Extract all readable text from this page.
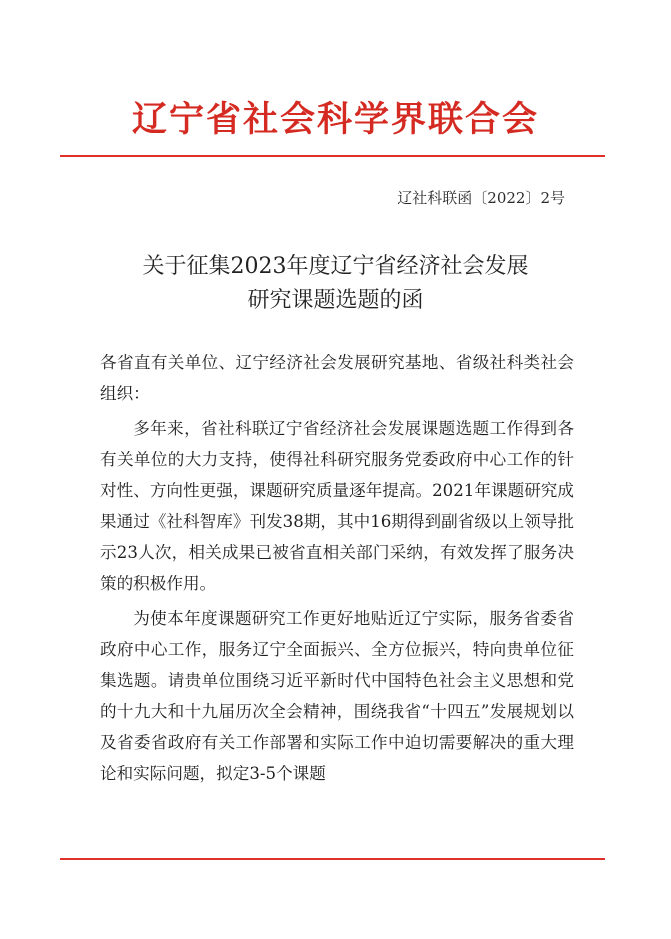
辽宁省社会科学界联合会
辽社科联函〔2022〕2号
关于征集2023年度辽宁省经济社会发展
研究课题选题的函

各省直有关单位、辽宁经济社会发展研究基地、省级社科类社会组织：

多年来，省社科联辽宁省经济社会发展课题选题工作得到各有关单位的大力支持，使得社科研究服务党委政府中心工作的针对性、方向性更强，课题研究质量逐年提高。2021年课题研究成果通过《社科智库》刊发38期，其中16期得到副省级以上领导批示23人次，相关成果已被省直相关部门采纳，有效发挥了服务决策的积极作用。

为使本年度课题研究工作更好地贴近辽宁实际，服务省委省政府中心工作，服务辽宁全面振兴、全方位振兴，特向贵单位征集选题。请贵单位围绕习近平新时代中国特色社会主义思想和党的十九大和十九届历次全会精神，围绕我省“十四五”发展规划以及省委省政府有关工作部署和实际工作中迫切需要解决的重大理论和实际问题，拟定3-5个课题
